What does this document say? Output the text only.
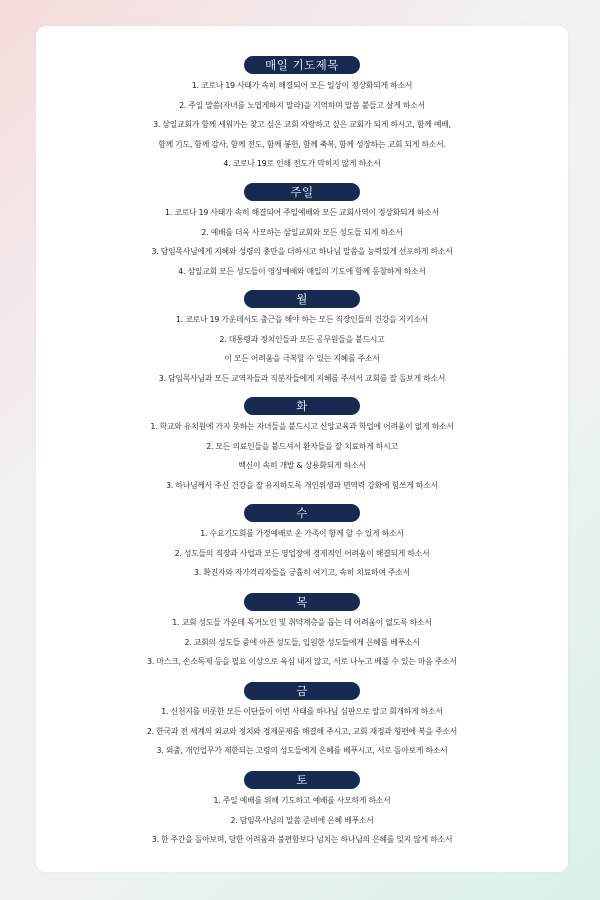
매일 기도제목
1. 코로나 19 사태가 속히 해결되어 모든 일상이 정상화되게 하소서
2. 주일 말씀(자녀를 노엽게하지 말라)을 기억하며 말씀 붙들고 살게 하소서
3. 삼일교회가 함께 세워가는 찾고 싶은 교회 자랑하고 싶은 교회가 되게 하시고, 함께 예배,
함께 기도, 함께 감사, 함께 전도, 함께 봉헌, 함께 축복, 함께 성장하는 교회 되게 하소서.
4. 코로나 19로 인해 전도가 막히지 않게 하소서
주일
1. 코로나 19 사태가 속히 해결되어 주일예배와 모든 교회사역이 정상화되게 하소서
2. 예배를 더욱 사모하는 삼일교회와 모든 성도들 되게 하소서
3. 담임목사님에게 지혜와 성령의 충만을 더하시고 하나님 말씀을 능력있게 선포하게 하소서
4. 삼일교회 모든 성도들이 영상예배와 매일의 기도에 함께 동참하게 하소서
월
1. 코로나 19 가운데서도 출근을 해야 하는 모든 직장인들의 건강을 지키소서
2. 대통령과 정치인들과 모든 공무원들을 붙드시고
이 모든 어려움을 극복할 수 있는 지혜를 주소서
3. 담임목사님과 모든 교역자들과 직분자들에게 지혜를 주셔서 교회를 잘 돌보게 하소서
화
1. 학교와 유치원에 가지 못하는 자녀들을 붙드시고 신앙교육과 학업에 어려움이 없게 하소서
2. 모든 의료인들을 붙드셔서 환자들을 잘 치료하게 하시고
백신이 속히 개발 & 상용화되게 하소서
3. 하나님께서 주신 건강을 잘 유지하도록 개인위생과 면역력 강화에 힘쓰게 하소서
수
1. 수요기도회를 가정예배로 온 가족이 함께 할 수 있게 하소서
2. 성도들의 직장과 사업과 모든 영업장에 경제적인 어려움이 해결되게 하소서
3. 확진자와 자가격리자들을 긍휼히 여기고, 속히 치료하여 주소서
목
1. 교회 성도들 가운데 독거노인 및 취약계층을 돕는 데 어려움이 없도록 하소서
2. 교회의 성도들 중에 아픈 성도들, 입원한 성도들에게 은혜를 베푸소서
3. 마스크, 손소독제 등을 필요 이상으로 욕심 내지 않고, 서로 나누고 베풀 수 있는 마음 주소서
금
1. 신천지를 비롯한 모든 이단들이 이번 사태를 하나님 심판으로 알고 회개하게 하소서
2. 한국과 전 세계의 외교와 정치와 경제문제를 해결해 주시고, 교회 재정과 형편에 복을 주소서
3. 외출, 개인업무가 제한되는 고령의 성도들에게 은혜를 베푸시고, 서로 돌아보게 하소서
토
1. 주일 예배를 위해 기도하고 예배를 사모하게 하소서
2. 담임목사님의 말씀 준비에 은혜 베푸소서
3. 한 주간을 돌아보며, 당한 어려움과 불편함보다 넘치는 하나님의 은혜를 잊지 않게 하소서
